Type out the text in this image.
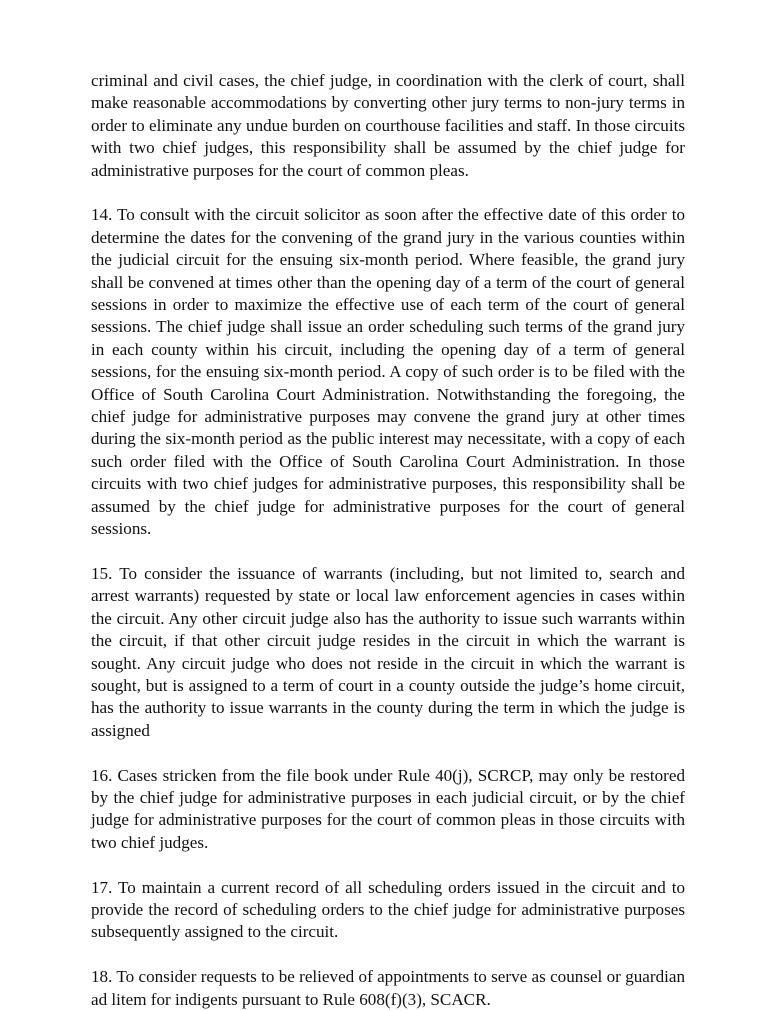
criminal and civil cases, the chief judge, in coordination with the clerk of court, shall make reasonable accommodations by converting other jury terms to non-jury terms in order to eliminate any undue burden on courthouse facilities and staff. In those circuits with two chief judges, this responsibility shall be assumed by the chief judge for administrative purposes for the court of common pleas.

14. To consult with the circuit solicitor as soon after the effective date of this order to determine the dates for the convening of the grand jury in the various counties within the judicial circuit for the ensuing six-month period. Where feasible, the grand jury shall be convened at times other than the opening day of a term of the court of general sessions in order to maximize the effective use of each term of the court of general sessions. The chief judge shall issue an order scheduling such terms of the grand jury in each county within his circuit, including the opening day of a term of general sessions, for the ensuing six-month period. A copy of such order is to be filed with the Office of South Carolina Court Administration. Notwithstanding the foregoing, the chief judge for administrative purposes may convene the grand jury at other times during the six-month period as the public interest may necessitate, with a copy of each such order filed with the Office of South Carolina Court Administration. In those circuits with two chief judges for administrative purposes, this responsibility shall be assumed by the chief judge for administrative purposes for the court of general sessions.

15. To consider the issuance of warrants (including, but not limited to, search and arrest warrants) requested by state or local law enforcement agencies in cases within the circuit. Any other circuit judge also has the authority to issue such warrants within the circuit, if that other circuit judge resides in the circuit in which the warrant is sought. Any circuit judge who does not reside in the circuit in which the warrant is sought, but is assigned to a term of court in a county outside the judge’s home circuit, has the authority to issue warrants in the county during the term in which the judge is assigned

16. Cases stricken from the file book under Rule 40(j), SCRCP, may only be restored by the chief judge for administrative purposes in each judicial circuit, or by the chief judge for administrative purposes for the court of common pleas in those circuits with two chief judges.

17. To maintain a current record of all scheduling orders issued in the circuit and to provide the record of scheduling orders to the chief judge for administrative purposes subsequently assigned to the circuit.

18. To consider requests to be relieved of appointments to serve as counsel or guardian ad litem for indigents pursuant to Rule 608(f)(3), SCACR.
